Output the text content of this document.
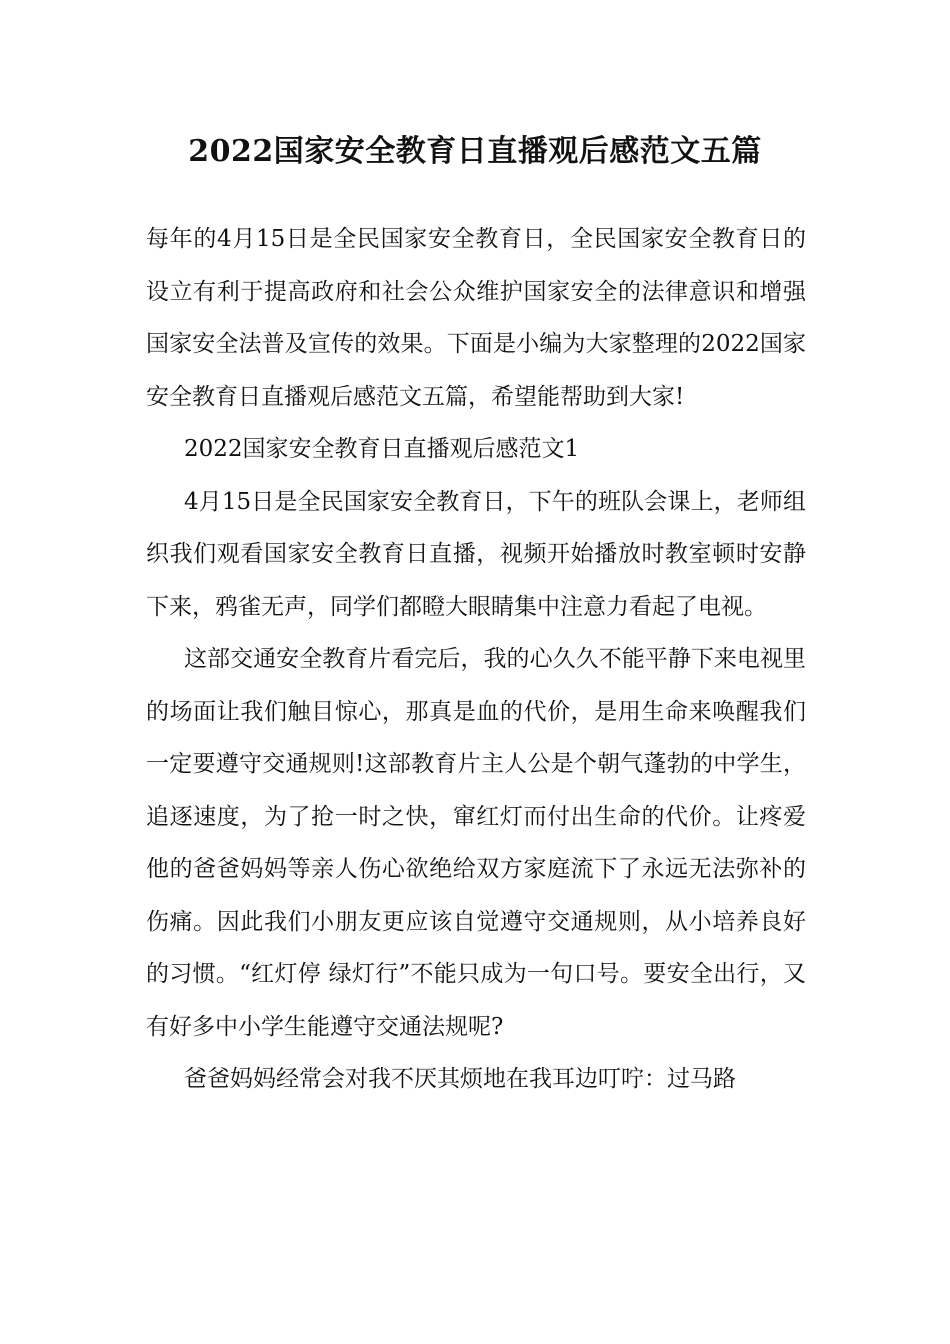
2022国家安全教育日直播观后感范文五篇

每年的4月15日是全民国家安全教育日，全民国家安全教育日的设立有利于提高政府和社会公众维护国家安全的法律意识和增强国家安全法普及宣传的效果。下面是小编为大家整理的2022国家安全教育日直播观后感范文五篇，希望能帮助到大家!

2022国家安全教育日直播观后感范文1

4月15日是全民国家安全教育日，下午的班队会课上，老师组织我们观看国家安全教育日直播，视频开始播放时教室顿时安静下来，鸦雀无声，同学们都瞪大眼睛集中注意力看起了电视。

这部交通安全教育片看完后，我的心久久不能平静下来电视里的场面让我们触目惊心，那真是血的代价，是用生命来唤醒我们一定要遵守交通规则!这部教育片主人公是个朝气蓬勃的中学生，追逐速度，为了抢一时之快，窜红灯而付出生命的代价。让疼爱他的爸爸妈妈等亲人伤心欲绝给双方家庭流下了永远无法弥补的伤痛。因此我们小朋友更应该自觉遵守交通规则，从小培养良好的习惯。“红灯停 绿灯行”不能只成为一句口号。要安全出行，又有好多中小学生能遵守交通法规呢?

爸爸妈妈经常会对我不厌其烦地在我耳边叮咛：过马路
